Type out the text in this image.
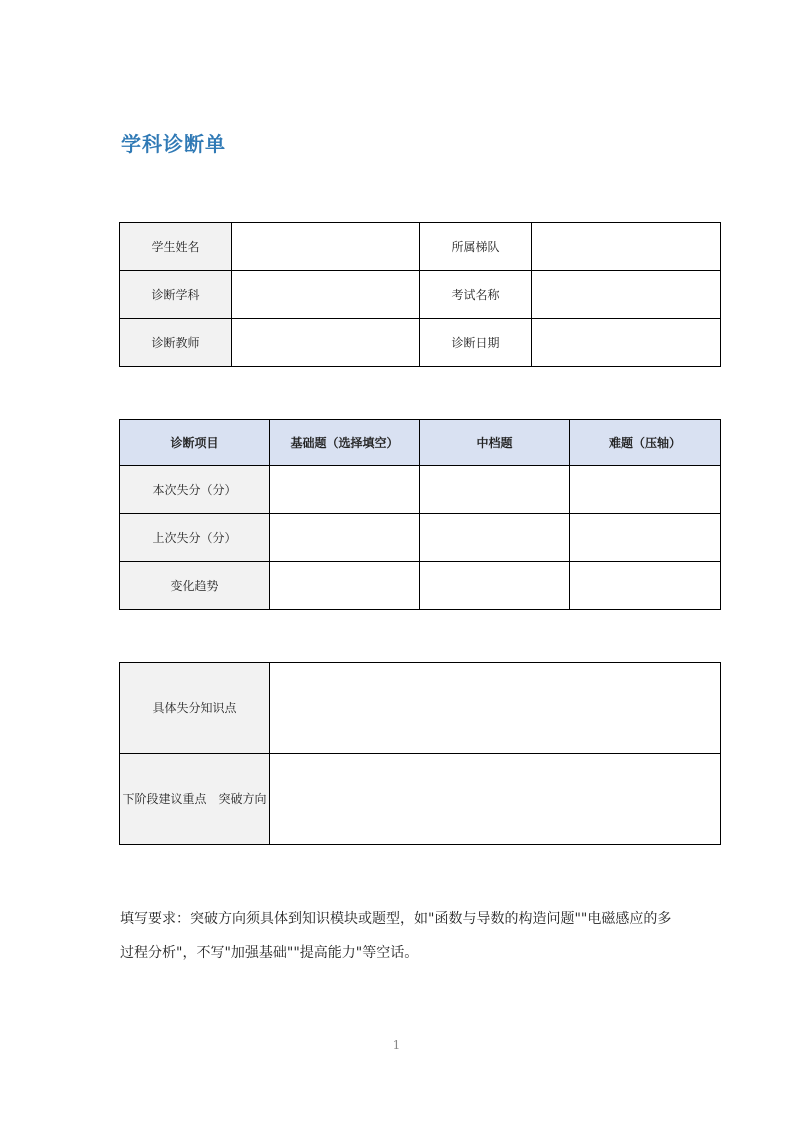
学科诊断单
学生姓名		所属梯队	
诊断学科		考试名称	
诊断教师		诊断日期	
诊断项目	基础题（选择填空）	中档题	难题（压轴）
本次失分（分）			
上次失分（分）			
变化趋势			
具体失分知识点	
下阶段建议重点　突破方向	
填写要求：突破方向须具体到知识模块或题型，如"函数与导数的构造问题""电磁感应的多过程分析"，不写"加强基础""提高能力"等空话。
1
